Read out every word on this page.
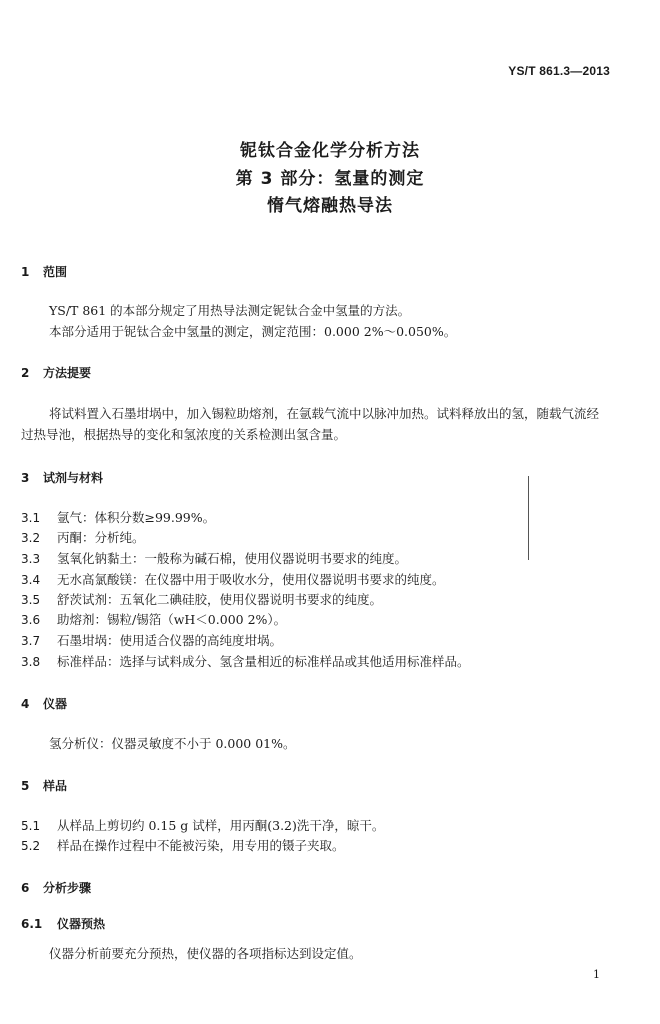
YS/T 861.3—2013
铌钛合金化学分析方法
第 3 部分：氢量的测定
惰气熔融热导法
1 范围
YS/T 861 的本部分规定了用热导法测定铌钛合金中氢量的方法。
本部分适用于铌钛合金中氢量的测定，测定范围：0.000 2%～0.050%。
2 方法提要
将试料置入石墨坩埚中，加入锡粒助熔剂，在氩载气流中以脉冲加热。试料释放出的氢，随载气流经过热导池，根据热导的变化和氢浓度的关系检测出氢含量。
3 试剂与材料
3.1 氩气：体积分数≥99.99%。
3.2 丙酮：分析纯。
3.3 氢氧化钠黏土：一般称为碱石棉，使用仪器说明书要求的纯度。
3.4 无水高氯酸镁：在仪器中用于吸收水分，使用仪器说明书要求的纯度。
3.5 舒茨试剂：五氧化二碘硅胶，使用仪器说明书要求的纯度。
3.6 助熔剂：锡粒/锡箔（wH＜0.000 2%）。
3.7 石墨坩埚：使用适合仪器的高纯度坩埚。
3.8 标准样品：选择与试料成分、氢含量相近的标准样品或其他适用标准样品。
4 仪器
氢分析仪：仪器灵敏度不小于 0.000 01%。
5 样品
5.1 从样品上剪切约 0.15 g 试样，用丙酮(3.2)洗干净，晾干。
5.2 样品在操作过程中不能被污染，用专用的镊子夹取。
6 分析步骤
6.1 仪器预热
仪器分析前要充分预热，使仪器的各项指标达到设定值。
1
